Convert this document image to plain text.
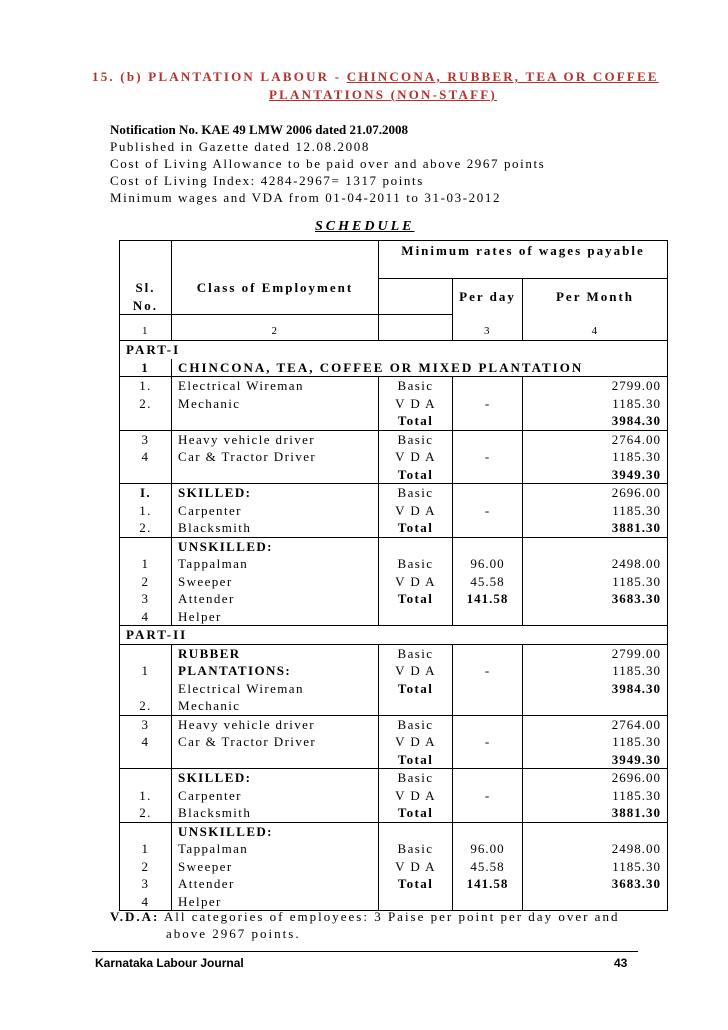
15. (b) PLANTATION LABOUR - CHINCONA, RUBBER, TEA OR COFFEE
PLANTATIONS (NON-STAFF)
Notification No. KAE 49 LMW 2006 dated 21.07.2008
Published in Gazette dated 12.08.2008
Cost of Living Allowance to be paid over and above 2967 points
Cost of Living Index: 4284-2967= 1317 points
Minimum wages and VDA from 01-04-2011 to 31-03-2012
SCHEDULE
		Minimum rates of wages payable		
Sl.	Class of Employment		Per day	Per Month
No.				
1	2		3	4
PART-I				
1	CHINCONA, TEA, COFFEE OR MIXED PLANTATION			
1.	Electrical Wireman	Basic		2799.00
2.	Mechanic	V D A	-	1185.30
		Total		3984.30
3	Heavy vehicle driver	Basic		2764.00
4	Car & Tractor Driver	V D A	-	1185.30
		Total		3949.30
I.	SKILLED:	Basic		2696.00
1.	Carpenter	V D A	-	1185.30
2.	Blacksmith	Total		3881.30
	UNSKILLED:			
1	Tappalman	Basic	96.00	2498.00
2	Sweeper	V D A	45.58	1185.30
3	Attender	Total	141.58	3683.30
4	Helper			
PART-II				
	RUBBER	Basic		2799.00
1	PLANTATIONS:	V D A	-	1185.30
	Electrical Wireman	Total		3984.30
2.	Mechanic			
3	Heavy vehicle driver	Basic		2764.00
4	Car & Tractor Driver	V D A	-	1185.30
		Total		3949.30
	SKILLED:	Basic		2696.00
1.	Carpenter	V D A	-	1185.30
2.	Blacksmith	Total		3881.30
	UNSKILLED:			
1	Tappalman	Basic	96.00	2498.00
2	Sweeper	V D A	45.58	1185.30
3	Attender	Total	141.58	3683.30
4	Helper			
V.D.A: All categories of employees: 3 Paise per point per day over and
above 2967 points.
Karnataka Labour Journal	43
